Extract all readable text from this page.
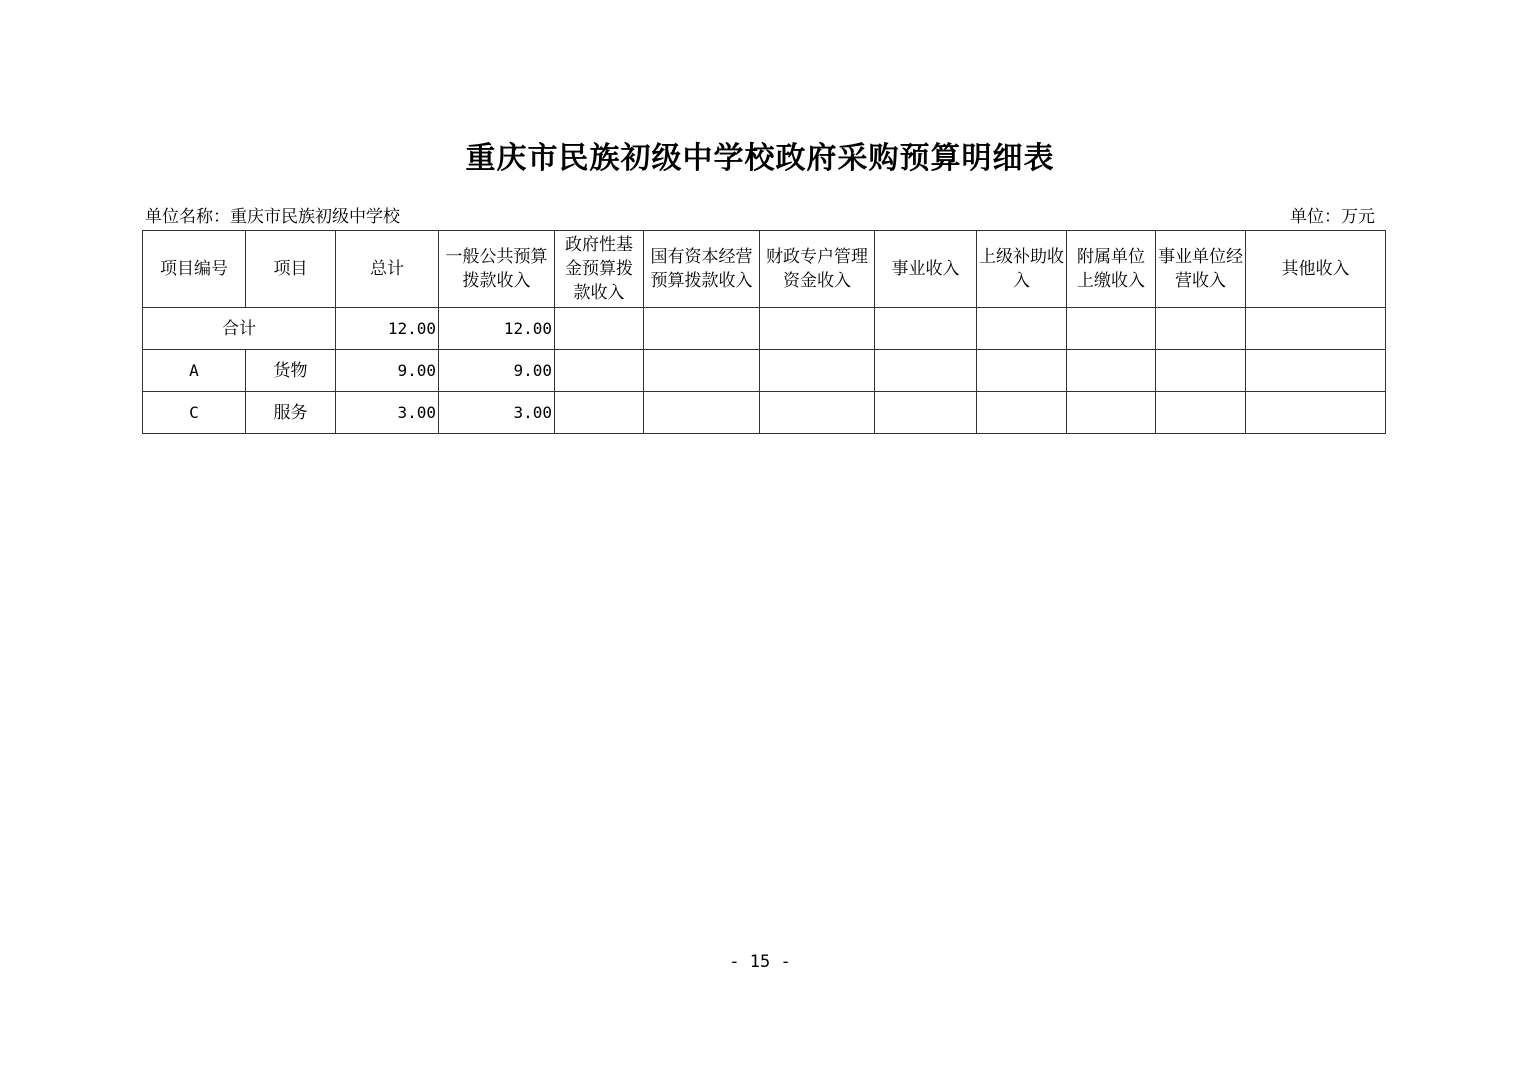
重庆市民族初级中学校政府采购预算明细表
单位名称：重庆市民族初级中学校	单位：万元
项目编号	项目	总计	一般公共预算拨款收入	政府性基金预算拨款收入	国有资本经营预算拨款收入	财政专户管理资金收入	事业收入	上级补助收入	附属单位上缴收入	事业单位经营收入	其他收入

合计		12.00	12.00								
A	货物	9.00	9.00								
C	服务	3.00	3.00								
- 15 -
